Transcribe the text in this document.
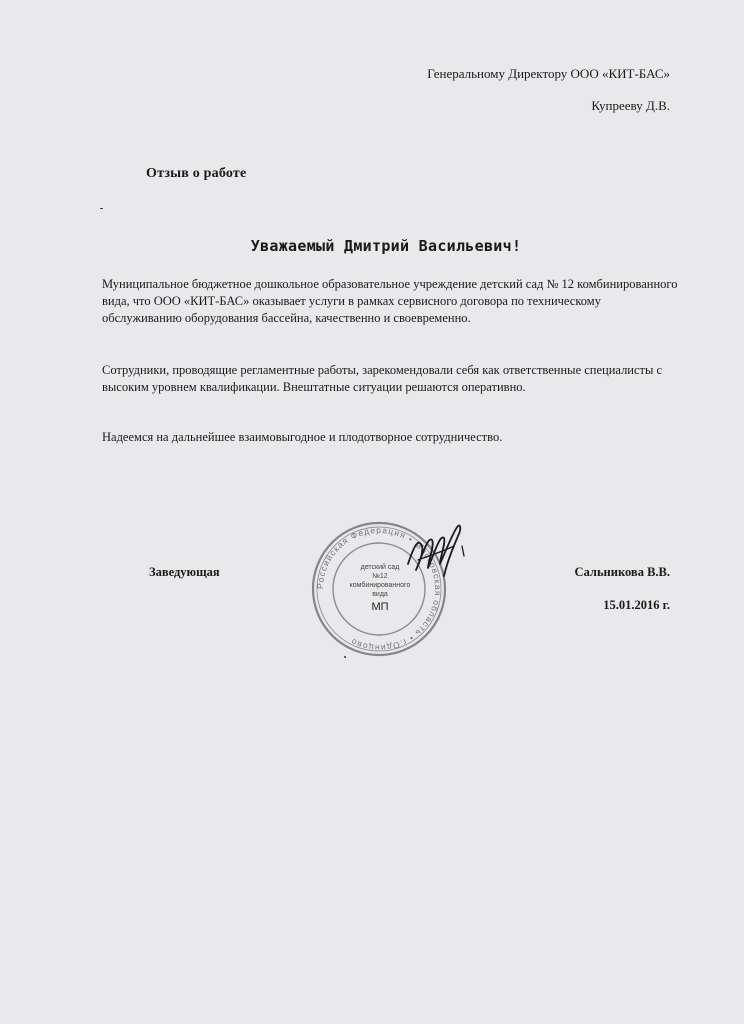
Генеральному Директору ООО «КИТ-БАС»
Купрееву Д.В.
Отзыв о работе
Уважаемый Дмитрий Васильевич!
Муниципальное бюджетное дошкольное образовательное учреждение детский сад № 12 комбинированного вида, что ООО «КИТ-БАС» оказывает услуги в рамках сервисного договора по техническому обслуживанию оборудования бассейна, качественно и своевременно.
Сотрудники, проводящие регламентные работы, зарекомендовали себя как ответственные специалисты с высоким уровнем квалификации. Внештатные ситуации решаются оперативно.
Надеемся на дальнейшее взаимовыгодное и плодотворное сотрудничество.
Заведующая
Российская Федерация • Московская область • г.Одинцово
детский сад
№12
комбинированного
вида
МП
Сальникова В.В.
15.01.2016 г.
